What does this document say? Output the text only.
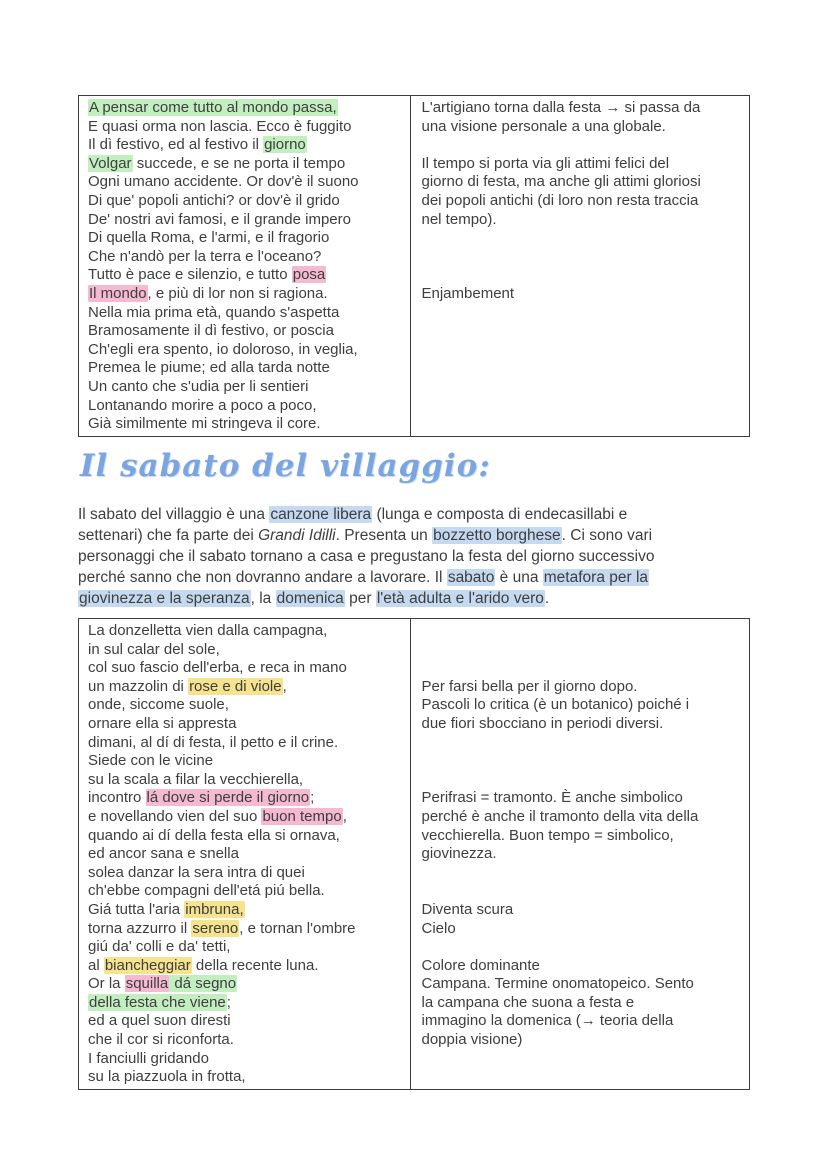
A pensar come tutto al mondo passa,
E quasi orma non lascia. Ecco è fuggito
Il dì festivo, ed al festivo il giorno
Volgar succede, e se ne porta il tempo
Ogni umano accidente. Or dov'è il suono
Di que' popoli antichi? or dov'è il grido
De' nostri avi famosi, e il grande impero
Di quella Roma, e l'armi, e il fragorio
Che n'andò per la terra e l'oceano?
Tutto è pace e silenzio, e tutto posa
Il mondo, e più di lor non si ragiona.
Nella mia prima età, quando s'aspetta
Bramosamente il dì festivo, or poscia
Ch'egli era spento, io doloroso, in veglia,
Premea le piume; ed alla tarda notte
Un canto che s'udia per li sentieri
Lontanando morire a poco a poco,
Già similmente mi stringeva il core.
L'artigiano torna dalla festa → si passa da
una visione personale a una globale.

Il tempo si porta via gli attimi felici del
giorno di festa, ma anche gli attimi gloriosi
dei popoli antichi (di loro non resta traccia
nel tempo).

Enjambement

Il sabato del villaggio:
Il sabato del villaggio è una canzone libera (lunga e composta di endecasillabi e
settenari) che fa parte dei Grandi Idilli. Presenta un bozzetto borghese. Ci sono vari
personaggi che il sabato tornano a casa e pregustano la festa del giorno successivo
perché sanno che non dovranno andare a lavorare. Il sabato è una metafora per la
giovinezza e la speranza, la domenica per l'età adulta e l'arido vero.
La donzelletta vien dalla campagna,
in sul calar del sole,
col suo fascio dell'erba, e reca in mano
un mazzolin di rose e di viole,
onde, siccome suole,
ornare ella si appresta
dimani, al dí di festa, il petto e il crine.
Siede con le vicine
su la scala a filar la vecchierella,
incontro lá dove si perde il giorno;
e novellando vien del suo buon tempo,
quando ai dí della festa ella si ornava,
ed ancor sana e snella
solea danzar la sera intra di quei
ch'ebbe compagni dell'etá piú bella.
Giá tutta l'aria imbruna,
torna azzurro il sereno, e tornan l'ombre
giú da' colli e da' tetti,
al biancheggiar della recente luna.
Or la squilla dá segno
della festa che viene;
ed a quel suon diresti
che il cor si riconforta.
I fanciulli gridando
su la piazzuola in frotta,

Per farsi bella per il giorno dopo.
Pascoli lo critica (è un botanico) poiché i
due fiori sbocciano in periodi diversi.

Perifrasi = tramonto. È anche simbolico
perché è anche il tramonto della vita della
vecchierella. Buon tempo = simbolico,
giovinezza.

Diventa scura
Cielo

Colore dominante
Campana. Termine onomatopeico. Sento
la campana che suona a festa e
immagino la domenica (→ teoria della
doppia visione)
